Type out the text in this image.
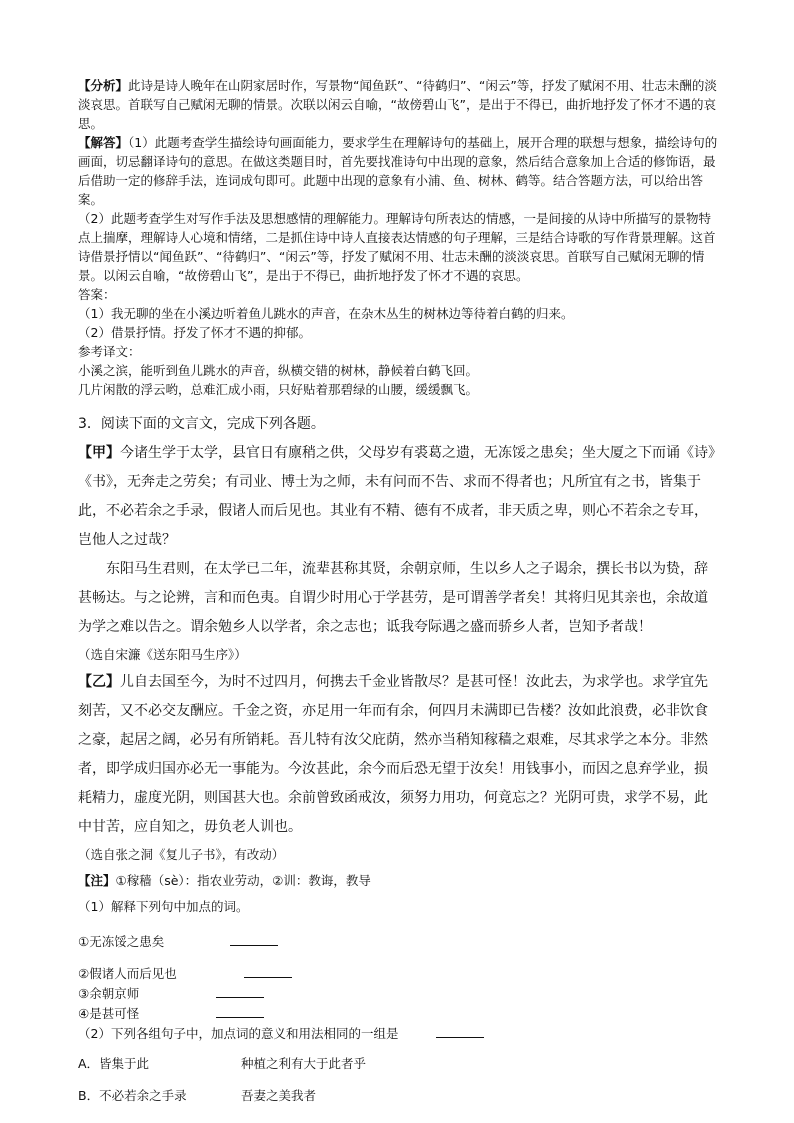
【分析】此诗是诗人晚年在山阴家居时作，写景物“闻鱼跃”、“待鹤归”、“闲云”等，抒发了赋闲不用、壮志未酬的淡淡哀思。首联写自己赋闲无聊的情景。次联以闲云自喻，“故傍碧山飞”，是出于不得已，曲折地抒发了怀才不遇的哀思。

【解答】（1）此题考查学生描绘诗句画面能力，要求学生在理解诗句的基础上，展开合理的联想与想象，描绘诗句的画面，切忌翻译诗句的意思。在做这类题目时，首先要找准诗句中出现的意象，然后结合意象加上合适的修饰语，最后借助一定的修辞手法，连词成句即可。此题中出现的意象有小浦、鱼、树林、鹤等。结合答题方法，可以给出答案。

（2）此题考查学生对写作手法及思想感情的理解能力。理解诗句所表达的情感，一是间接的从诗中所描写的景物特点上揣摩，理解诗人心境和情绪，二是抓住诗中诗人直接表达情感的句子理解，三是结合诗歌的写作背景理解。这首诗借景抒情以“闻鱼跃”、“待鹤归”、“闲云”等，抒发了赋闲不用、壮志未酬的淡淡哀思。首联写自己赋闲无聊的情景。以闲云自喻，“故傍碧山飞”，是出于不得已，曲折地抒发了怀才不遇的哀思。

答案：

（1）我无聊的坐在小溪边听着鱼儿跳水的声音，在杂木丛生的树林边等待着白鹤的归来。

（2）借景抒情。抒发了怀才不遇的抑郁。

参考译文：

小溪之滨，能听到鱼儿跳水的声音，纵横交错的树林，静候着白鹤飞回。

几片闲散的浮云哟，总难汇成小雨，只好贴着那碧绿的山腰，缓缓飘飞。

3．阅读下面的文言文，完成下列各题。

【甲】今诸生学于太学，县官日有廪稍之供，父母岁有裘葛之遗，无冻馁之患矣；坐大厦之下而诵《诗》《书》，无奔走之劳矣；有司业、博士为之师，未有问而不告、求而不得者也；凡所宜有之书，皆集于此，不必若余之手录，假诸人而后见也。其业有不精、德有不成者，非天质之卑，则心不若余之专耳，岂他人之过哉？

东阳马生君则，在太学已二年，流辈甚称其贤，余朝京师，生以乡人之子谒余，撰长书以为贽，辞甚畅达。与之论辨，言和而色夷。自谓少时用心于学甚劳，是可谓善学者矣！其将归见其亲也，余故道为学之难以告之。谓余勉乡人以学者，余之志也；诋我夸际遇之盛而骄乡人者，岂知予者哉！

（选自宋濂《送东阳马生序》）

【乙】儿自去国至今，为时不过四月，何携去千金业皆散尽？是甚可怪！汝此去，为求学也。求学宜先刻苦，又不必交友酬应。千金之资，亦足用一年而有余，何四月未满即已告楼？汝如此浪费，必非饮食之豪，起居之阔，必另有所销耗。吾儿特有汝父庇荫，然亦当稍知稼穑之艰难，尽其求学之本分。非然者，即学成归国亦必无一事能为。今汝甚此，余今而后恐无望于汝矣！用钱事小，而因之息弃学业，损耗精力，虚度光阴，则国甚大也。余前曾致函戒汝，须努力用功，何竟忘之？光阴可贵，求学不易，此中甘苦，应自知之，毋负老人训也。

（选自张之洞《复儿子书》，有改动）

【注】①稼穑（sè）：指农业劳动，②训：教诲，教导

（1）解释下列句中加点的词。

①无冻馁之患矣
②假诸人而后见也
③余朝京师
④是甚可怪
（2）下列各组句子中，加点词的意义和用法相同的一组是
A．皆集于此	种植之利有大于此者乎
B．不必若余之手录	吾妻之美我者
